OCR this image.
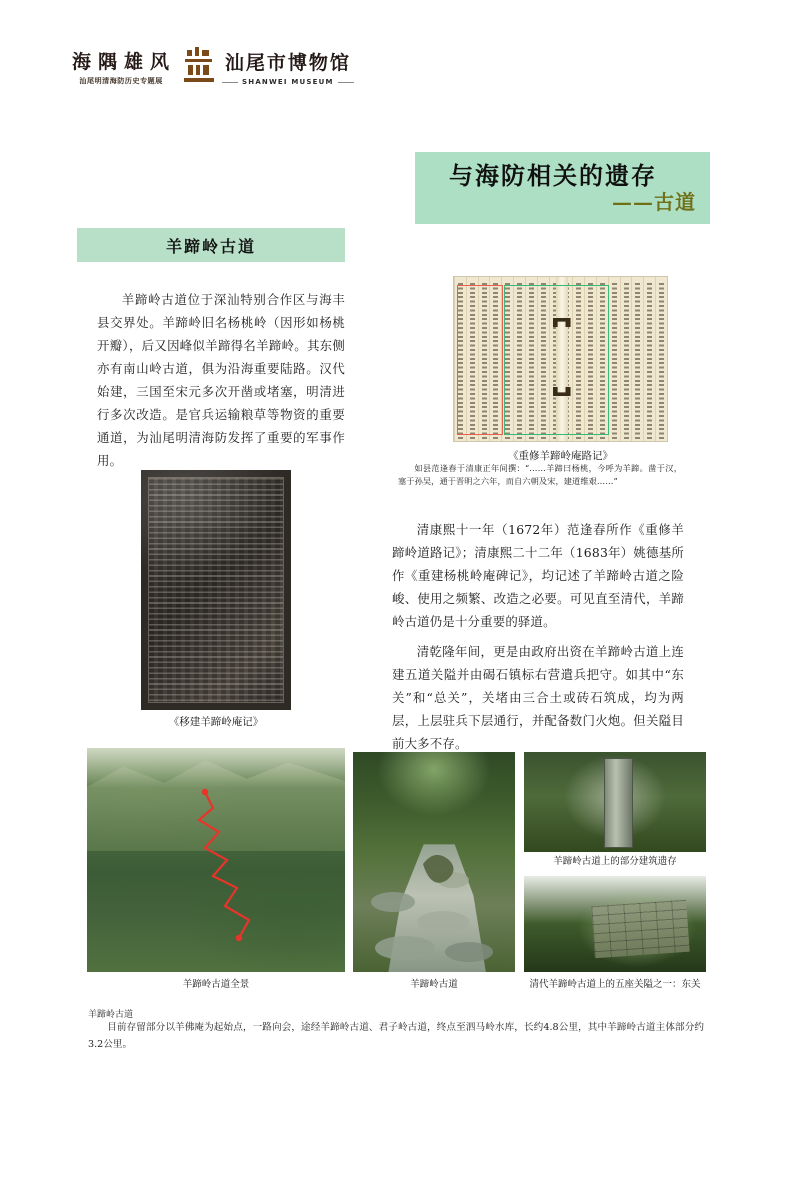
海隅雄风
汕尾明清海防历史专题展
汕尾市博物馆
SHANWEI MUSEUM
与海防相关的遗存
——古道
羊蹄岭古道
羊蹄岭古道位于深汕特别合作区与海丰县交界处。羊蹄岭旧名杨桃岭（因形如杨桃开瓣），后又因峰似羊蹄得名羊蹄岭。其东侧亦有南山岭古道，俱为沿海重要陆路。汉代始建，三国至宋元多次开凿或堵塞，明清进行多次改造。是官兵运输粮草等物资的重要通道，为汕尾明清海防发挥了重要的军事作用。	《重修羊蹄岭庵路记》
如县范逢春于清康正年间撰：“……羊蹄曰杨桃，今呼为羊蹄。凿于汉，塞于孙吴，通于晋明之六年，而自六朝及宋，建道维艰……”
清康熙十一年（1672年）范逢春所作《重修羊蹄岭道路记》；清康熙二十二年（1683年）姚德基所作《重建杨桃岭庵碑记》，均记述了羊蹄岭古道之险峻、使用之频繁、改造之必要。可见直至清代，羊蹄岭古道仍是十分重要的驿道。
清乾隆年间，更是由政府出资在羊蹄岭古道上连建五道关隘并由碣石镇标右营遣兵把守。如其中“东关”和“总关”，关堵由三合土或砖石筑成，均为两层，上层驻兵下层通行，并配备数门火炮。但关隘目前大多不存。
《移建羊蹄岭庵记》
羊蹄岭古道全景	羊蹄岭古道
羊蹄岭古道上的部分建筑遗存
清代羊蹄岭古道上的五座关隘之一：东关
羊蹄岭古道
目前存留部分以羊佛庵为起始点，一路向会，途经羊蹄岭古道、君子岭古道，终点至泗马岭水库，长约4.8公里，其中羊蹄岭古道主体部分约3.2公里。
